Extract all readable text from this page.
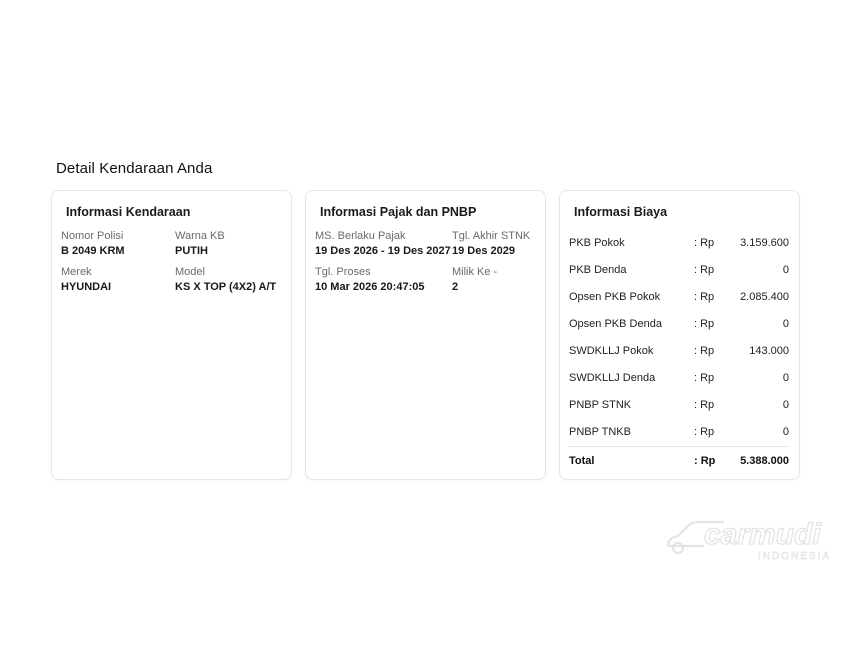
Detail Kendaraan Anda
Informasi Kendaraan
Nomor Polisi
B 2049 KRM
Warna KB
PUTIH
Merek
HYUNDAI
Model
KS X TOP (4X2) A/T
Informasi Pajak dan PNBP
MS. Berlaku Pajak
19 Des 2026 - 19 Des 2027
Tgl. Akhir STNK
19 Des 2029
Tgl. Proses
10 Mar 2026 20:47:05
Milik Ke -
2
Informasi Biaya
PKB Pokok	: Rp	3.159.600
PKB Denda	: Rp	0
Opsen PKB Pokok	: Rp	2.085.400
Opsen PKB Denda	: Rp	0
SWDKLLJ Pokok	: Rp	143.000
SWDKLLJ Denda	: Rp	0
PNBP STNK	: Rp	0
PNBP TNKB	: Rp	0
Total	: Rp	5.388.000
carmudi
INDONESIA
